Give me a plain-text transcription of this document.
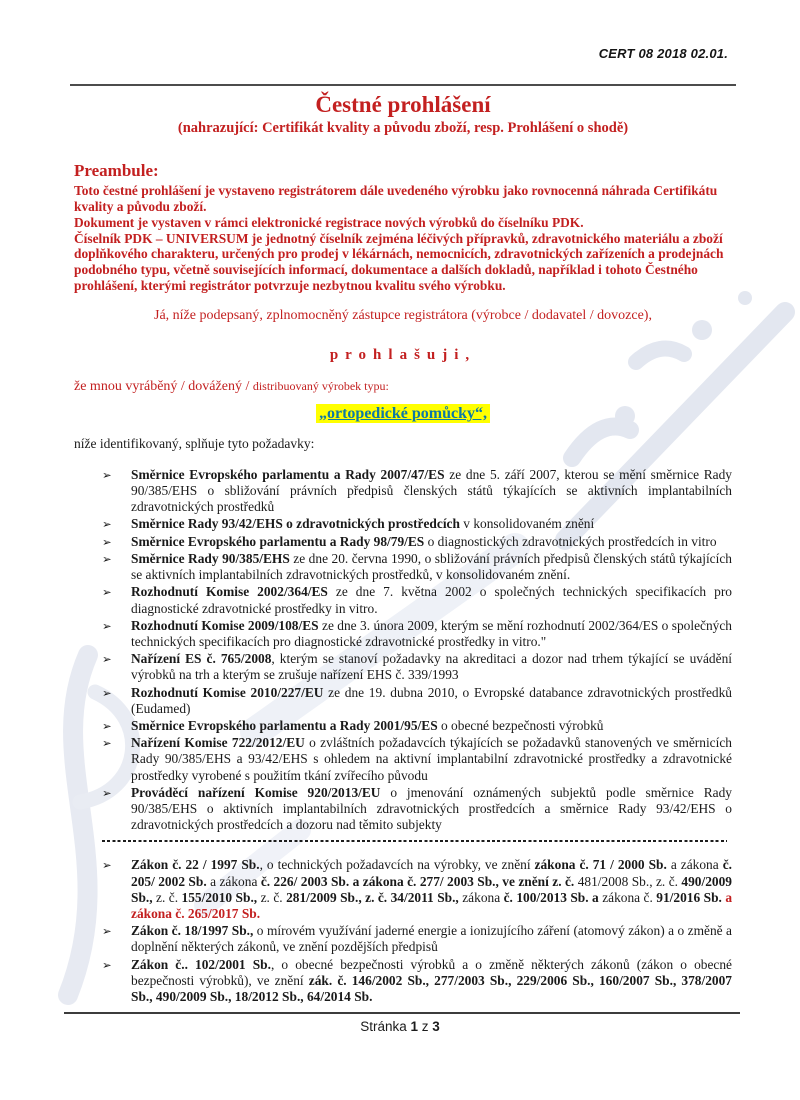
CERT 08 2018 02.01.
Čestné prohlášení
(nahrazující: Certifikát kvality a původu zboží, resp. Prohlášení o shodě)
Preambule:

Toto čestné prohlášení je vystaveno registrátorem dále uvedeného výrobku jako rovnocenná náhrada Certifikátu kvality a původu zboží.

Dokument je vystaven v rámci elektronické registrace nových výrobků do číselníku PDK.

Číselník PDK – UNIVERSUM je jednotný číselník zejména léčivých přípravků, zdravotnického materiálu a zboží doplňkového charakteru, určených pro prodej v lékárnách, nemocnicích, zdravotnických zařízeních a prodejnách podobného typu, včetně souvisejících informací, dokumentace a dalších dokladů, například i tohoto Čestného prohlášení, kterými registrátor potvrzuje nezbytnou kvalitu svého výrobku.

Já, níže podepsaný, zplnomocněný zástupce registrátora (výrobce / dodavatel / dovozce),

prohlašuji,

že mnou vyráběný / dovážený / distribuovaný výrobek typu:

„ortopedické pomůcky“,

níže identifikovaný, splňuje tyto požadavky:

➢ Směrnice Evropského parlamentu a Rady 2007/47/ES ze dne 5. září 2007, kterou se mění směrnice Rady 90/385/EHS o sbližování právních předpisů členských států týkajících se aktivních implantabilních zdravotnických prostředků
➢ Směrnice Rady 93/42/EHS o zdravotnických prostředcích v konsolidovaném znění
➢ Směrnice Evropského parlamentu a Rady 98/79/ES o diagnostických zdravotnických prostředcích in vitro
➢ Směrnice Rady 90/385/EHS ze dne 20. června 1990, o sbližování právních předpisů členských států týkajících se aktivních implantabilních zdravotnických prostředků, v konsolidovaném znění.
➢ Rozhodnutí Komise 2002/364/ES ze dne 7. května 2002 o společných technických specifikacích pro diagnostické zdravotnické prostředky in vitro.
➢ Rozhodnutí Komise 2009/108/ES ze dne 3. února 2009, kterým se mění rozhodnutí 2002/364/ES o společných technických specifikacích pro diagnostické zdravotnické prostředky in vitro."
➢ Nařízení ES č. 765/2008, kterým se stanoví požadavky na akreditaci a dozor nad trhem týkající se uvádění výrobků na trh a kterým se zrušuje nařízení EHS č. 339/1993
➢ Rozhodnutí Komise 2010/227/EU ze dne 19. dubna 2010, o Evropské databance zdravotnických prostředků (Eudamed)
➢ Směrnice Evropského parlamentu a Rady 2001/95/ES o obecné bezpečnosti výrobků
➢ Nařízení Komise 722/2012/EU o zvláštních požadavcích týkajících se požadavků stanovených ve směrnicích Rady 90/385/EHS a 93/42/EHS s ohledem na aktivní implantabilní zdravotnické prostředky a zdravotnické prostředky vyrobené s použitím tkání zvířecího původu
➢ Prováděcí nařízení Komise 920/2013/EU o jmenování oznámených subjektů podle směrnice Rady 90/385/EHS o aktivních implantabilních zdravotnických prostředcích a směrnice Rady 93/42/EHS o zdravotnických prostředcích a dozoru nad těmito subjekty
➢ Zákon č. 22 / 1997 Sb., o technických požadavcích na výrobky, ve znění zákona č. 71 / 2000 Sb. a zákona č. 205/ 2002 Sb. a zákona č. 226/ 2003 Sb. a zákona č. 277/ 2003 Sb., ve znění z. č. 481/2008 Sb., z. č. 490/2009 Sb., z. č. 155/2010 Sb., z. č. 281/2009 Sb., z. č. 34/2011 Sb., zákona č. 100/2013 Sb. a zákona č. 91/2016 Sb. a zákona č. 265/2017 Sb.
➢ Zákon č. 18/1997 Sb., o mírovém využívání jaderné energie a ionizujícího záření (atomový zákon) a o změně a doplnění některých zákonů, ve znění pozdějších předpisů
➢ Zákon č.. 102/2001 Sb., o obecné bezpečnosti výrobků a o změně některých zákonů (zákon o obecné bezpečnosti výrobků), ve znění zák. č. 146/2002 Sb., 277/2003 Sb., 229/2006 Sb., 160/2007 Sb., 378/2007 Sb., 490/2009 Sb., 18/2012 Sb., 64/2014 Sb.
Stránka 1 z 3
